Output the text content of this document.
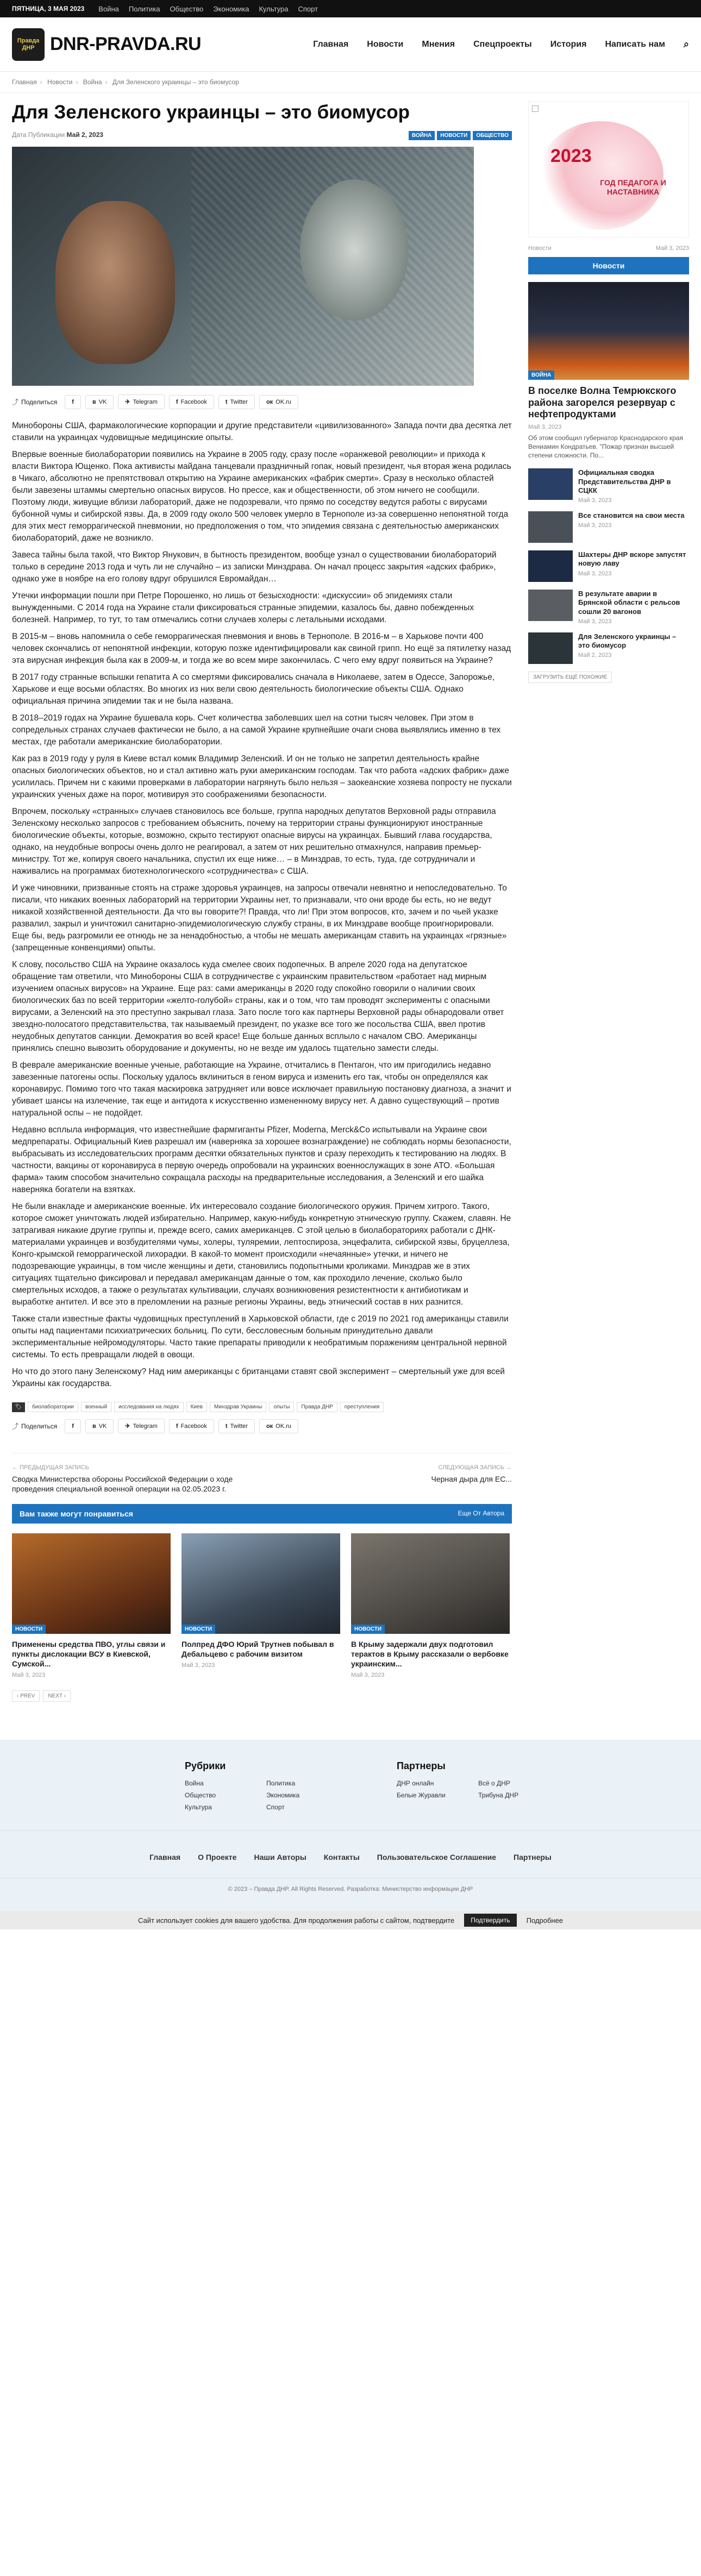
ПЯТНИЦА, 3 МАЯ 2023 Война Политика Общество Экономика Культура Спорт
Правда ДНР DNR-PRAVDA.RU	Главная Новости Мнения Спецпроекты История Написать нам ⌕
Главная › Новости › Война › Для Зеленского украинцы – это биомусор
Для Зеленского украинцы – это биомусор
Дата Публикации Май 2, 2023	ВОЙНА	НОВОСТИ	ОБЩЕСТВО
⤴ Поделиться f	в VK	✈ Telegram	f Facebook	t Twitter	ок OK.ru

Минобороны США, фармакологические корпорации и другие представители «цивилизованного» Запада почти два десятка лет ставили на украинцах чудовищные медицинские опыты.

Впервые военные биолаборатории появились на Украине в 2005 году, сразу после «оранжевой революции» и прихода к власти Виктора Ющенко. Пока активисты майдана танцевали праздничный гопак, новый президент, чья вторая жена родилась в Чикаго, абсолютно не препятствовал открытию на Украине американских «фабрик смерти». Сразу в несколько областей были завезены штаммы смертельно опасных вирусов. Но прессе, как и общественности, об этом ничего не сообщили. Поэтому люди, живущие вблизи лабораторий, даже не подозревали, что прямо по соседству ведутся работы с вирусами бубонной чумы и сибирской язвы. Да, в 2009 году около 500 человек умерло в Тернополе из-за совершенно непонятной тогда для этих мест геморрагической пневмонии, но предположения о том, что эпидемия связана с деятельностью американских биолабораторий, даже не возникло.

Завеса тайны была такой, что Виктор Янукович, в бытность президентом, вообще узнал о существовании биолабораторий только в середине 2013 года и чуть ли не случайно – из записки Минздрава. Он начал процесс закрытия «адских фабрик», однако уже в ноябре на его голову вдруг обрушился Евромайдан…

Утечки информации пошли при Петре Порошенко, но лишь от безысходности: «дискуссии» об эпидемиях стали вынужденными. С 2014 года на Украине стали фиксироваться странные эпидемии, казалось бы, давно побежденных болезней. Например, то тут, то там отмечались сотни случаев холеры с летальными исходами.

В 2015-м – вновь напомнила о себе геморрагическая пневмония и вновь в Тернополе. В 2016-м – в Харькове почти 400 человек скончались от непонятной инфекции, которую позже идентифицировали как свиной грипп. Но ещё за пятилетку назад эта вирусная инфекция была как в 2009-м, и тогда же во всем мире закончилась. С чего ему вдруг появиться на Украине?

В 2017 году странные вспышки гепатита А со смертями фиксировались сначала в Николаеве, затем в Одессе, Запорожье, Харькове и еще восьми областях. Во многих из них вели свою деятельность биологические объекты США. Однако официальная причина эпидемии так и не была названа.

В 2018–2019 годах на Украине бушевала корь. Счет количества заболевших шел на сотни тысяч человек. При этом в сопредельных странах случаев фактически не было, а на самой Украине крупнейшие очаги снова выявлялись именно в тех местах, где работали американские биолаборатории.

Как раз в 2019 году у руля в Киеве встал комик Владимир Зеленский. И он не только не запретил деятельность крайне опасных биологических объектов, но и стал активно жать руки американским господам. Так что работа «адских фабрик» даже усилилась. Причем ни с какими проверками в лаборатории нагрянуть было нельзя – заокеанские хозяева попросту не пускали украинских ученых даже на порог, мотивируя это соображениями безопасности.

Впрочем, поскольку «странных» случаев становилось все больше, группа народных депутатов Верховной рады отправила Зеленскому несколько запросов с требованием объяснить, почему на территории страны функционируют иностранные биологические объекты, которые, возможно, скрыто тестируют опасные вирусы на украинцах. Бывший глава государства, однако, на неудобные вопросы очень долго не реагировал, а затем от них решительно отмахнулся, направив премьер-министру. Тот же, копируя своего начальника, спустил их еще ниже… – в Минздрав, то есть, туда, где сотрудничали и наживались на программах биотехнологического «сотрудничества» с США.

И уже чиновники, призванные стоять на страже здоровья украинцев, на запросы отвечали невнятно и непоследовательно. То писали, что никаких военных лабораторий на территории Украины нет, то признавали, что они вроде бы есть, но не ведут никакой хозяйственной деятельности. Да что вы говорите?! Правда, что ли! При этом вопросов, кто, зачем и по чьей указке развалил, закрыл и уничтожил санитарно-эпидемиологическую службу страны, в их Минздраве вообще проигнорировали. Еще бы, ведь разгромили ее отнюдь не за ненадобностью, а чтобы не мешать американцам ставить на украинцах «грязные» (запрещенные конвенциями) опыты.

К слову, посольство США на Украине оказалось куда смелее своих подопечных. В апреле 2020 года на депутатское обращение там ответили, что Минобороны США в сотрудничестве с украинским правительством «работает над мирным изучением опасных вирусов» на Украине. Еще раз: сами американцы в 2020 году спокойно говорили о наличии своих биологических баз по всей территории «желто-голубой» страны, как и о том, что там проводят эксперименты с опасными вирусами, а Зеленский на это преступно закрывал глаза. Зато после того как партнеры Верховной рады обнародовали ответ звездно-полосатого представительства, так называемый президент, по указке все того же посольства США, ввел против неудобных депутатов санкции. Демократия во всей красе! Еще больше данных всплыло с началом СВО. Американцы принялись спешно вывозить оборудование и документы, но не везде им удалось тщательно замести следы.

В феврале американские военные ученые, работающие на Украине, отчитались в Пентагон, что им пригодились недавно завезенные патогены оспы. Поскольку удалось вклиниться в геном вируса и изменить его так, чтобы он определялся как коронавирус. Помимо того что такая маскировка затрудняет или вовсе исключает правильную постановку диагноза, а значит и убивает шансы на излечение, так еще и антидота к искусственно измененному вирусу нет. А давно существующий – против натуральной оспы – не подойдет.

Недавно всплыла информация, что известнейшие фармгиганты Pfizer, Moderna, Merck&Co испытывали на Украине свои медпрепараты. Официальный Киев разрешал им (наверняка за хорошее вознаграждение) не соблюдать нормы безопасности, выбрасывать из исследовательских программ десятки обязательных пунктов и сразу переходить к тестированию на людях. В частности, вакцины от коронавируса в первую очередь опробовали на украинских военнослужащих в зоне АТО. «Большая фарма» таким способом значительно сокращала расходы на предварительные исследования, а Зеленский и его шайка наверняка богатели на взятках.

Не были внакладе и американские военные. Их интересовало создание биологического оружия. Причем хитрого. Такого, которое сможет уничтожать людей избирательно. Например, какую-нибудь конкретную этническую группу. Скажем, славян. Не затрагивая никакие другие группы и, прежде всего, самих американцев. С этой целью в биолабораториях работали с ДНК-материалами украинцев и возбудителями чумы, холеры, туляремии, лептоспироза, энцефалита, сибирской язвы, бруцеллеза, Конго-крымской геморрагической лихорадки. В какой-то момент происходили «нечаянные» утечки, и ничего не подозревающие украинцы, в том числе женщины и дети, становились подопытными кроликами. Минздрав же в этих ситуациях тщательно фиксировал и передавал американцам данные о том, как проходило лечение, сколько было смертельных исходов, а также о результатах культивации, случаях возникновения резистентности к антибиотикам и выработке антител. И все это в преломлении на разные регионы Украины, ведь этнический состав в них разнится.

Также стали известные факты чудовищных преступлений в Харьковской области, где с 2019 по 2021 год американцы ставили опыты над пациентами психиатрических больниц. По сути, бессловесным больным принудительно давали экспериментальные нейромодуляторы. Часто такие препараты приводили к необратимым поражениям центральной нервной системы. То есть превращали людей в овощи.

Но что до этого пану Зеленскому? Над ним американцы с британцами ставят свой эксперимент – смертельный уже для всей Украины как государства.

🏷	биолаборатории	военный	исследования на людях	Киев	Минздрав Украины	опыты	Правда ДНР	преступления
⤴ Поделиться f	в VK	✈ Telegram	f Facebook	t Twitter	ок OK.ru
← ПРЕДЫДУЩАЯ ЗАПИСЬ
Сводка Министерства обороны Российской Федерации о ходе проведения специальной военной операции на 02.05.2023 г.
СЛЕДУЮЩАЯ ЗАПИСЬ →
Черная дыра для ЕС...
Вам также могут понравиться	Еще От Автора
НОВОСТИ
Применены средства ПВО, углы связи и пункты дислокации ВСУ в Киевской, Сумской...
Май 3, 2023
НОВОСТИ
Полпред ДФО Юрий Трутнев побывал в Дебальцево с рабочим визитом
Май 3, 2023
НОВОСТИ
В Крыму задержали двух подготовил терактов в Крыму рассказали о вербовке украинским...
Май 3, 2023
‹ PREV	NEXT ›
2023
ГОД ПЕДАГОГА И НАСТАВНИКА
Новости	Май 3, 2023
Новости
ВОЙНА
В поселке Волна Темрюкского района загорелся резервуар с нефтепродуктами
Май 3, 2023
Об этом сообщил губернатор Краснодарского края Вениамин Кондратьев. "Пожар признан высшей степени сложности. По...
Официальная сводка Представительства ДНР в СЦКК
Май 3, 2023
Все становится на свои места
Май 3, 2023
Шахтеры ДНР вскоре запустят новую лаву
Май 3, 2023
В результате аварии в Брянской области с рельсов сошли 20 вагонов
Май 3, 2023
Для Зеленского украинцы – это биомусор
Май 2, 2023
ЗАГРУЗИТЬ ЕЩЁ ПОХОЖИЕ
Рубрики
Война	Политика
Общество	Экономика
Культура	Спорт
Партнеры
ДНР онлайн	Всё о ДНР
Белые Журавли	Трибуна ДНР
Главная О Проекте Наши Авторы Контакты Пользовательское Соглашение Партнеры
© 2023 – Правда ДНР. All Rights Reserved. Разработка: Министерство информации ДНР
Сайт использует cookies для вашего удобства. Для продолжения работы с сайтом, подтвердите	Подтвердить	Подробнее
